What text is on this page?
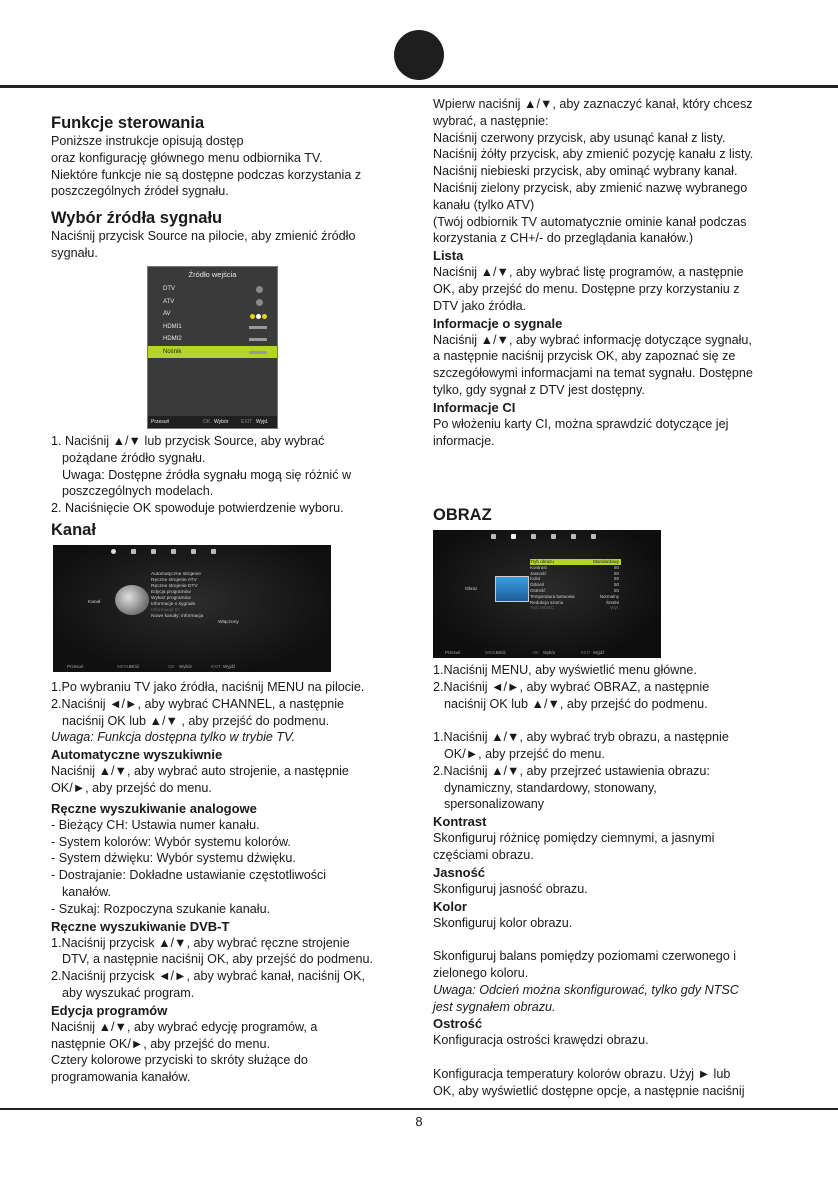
Funkcje sterowania

Poniższe instrukcje opisują dostęp

oraz konfigurację głównego menu odbiornika TV.

Niektóre funkcje nie są dostępne podczas korzystania z

poszczególnych źródeł sygnału.

Wybór źródła sygnału

Naciśnij przycisk Source na pilocie, aby zmienić źródło

sygnału.

1. Naciśnij ▲/▼ lub przycisk Source, aby wybrać

pożądane źródło sygnału.

Uwaga: Dostępne źródła sygnału mogą się różnić w

poszczególnych modelach.

2. Naciśnięcie OK spowoduje potwierdzenie wyboru.

Kanał

1.Po wybraniu TV jako źródła, naciśnij MENU na pilocie.

2.Naciśnij ◄/►, aby wybrać CHANNEL, a następnie

naciśnij OK lub ▲/▼ , aby przejść do podmenu.

Uwaga: Funkcja dostępna tylko w trybie TV.

Automatyczne wyszukiwnie

Naciśnij ▲/▼, aby wybrać auto strojenie, a następnie

OK/►, aby przejść do menu.

Ręczne wyszukiwanie analogowe

- Bieżący CH: Ustawia numer kanału.

- System kolorów: Wybór systemu kolorów.

- System dźwięku: Wybór systemu dźwięku.

- Dostrajanie: Dokładne ustawianie częstotliwości

kanałów.

- Szukaj: Rozpoczyna szukanie kanału.

Ręczne wyszukiwanie DVB-T

1.Naciśnij przycisk ▲/▼, aby wybrać ręczne strojenie

DTV, a następnie naciśnij OK, aby przejść do podmenu.

2.Naciśnij przycisk ◄/►, aby wybrać kanał, naciśnij OK,

aby wyszukać program.

Edycja programów

Naciśnij ▲/▼, aby wybrać edycję programów, a

następnie OK/►, aby przejść do menu.

Cztery kolorowe przyciski to skróty służące do

programowania kanałów.

Źródło wejścia
DTV
ATV
AV
HDMI1
HDMI2
Nośnik
Przesuń	OK Wybór	EXIT Wyjd.
Kanał
Automatyczne strojenie
Ręczne strojenie ATV
Ręczne strojenie DTV
Edycja programów
Wykaz programów
Informacje o sygnale
Informacje CI
Nowe kanały: informacja
Włączony
Przesuń	MENU
Wróć	OK Wybór	EXIT Wyjdź

Wpierw naciśnij ▲/▼, aby zaznaczyć kanał, który chcesz

wybrać, a następnie:

Naciśnij czerwony przycisk, aby usunąć kanał z listy.

Naciśnij żółty przycisk, aby zmienić pozycję kanału z listy.

Naciśnij niebieski przycisk, aby ominąć wybrany kanał.

Naciśnij zielony przycisk, aby zmienić nazwę wybranego

kanału (tylko ATV)

(Twój odbiornik TV automatycznie ominie kanał podczas

korzystania z CH+/- do przeglądania kanałów.)

Lista

Naciśnij ▲/▼, aby wybrać listę programów, a następnie

OK, aby przejść do menu. Dostępne przy korzystaniu z

DTV jako źródła.

Informacje o sygnale

Naciśnij ▲/▼, aby wybrać informację dotyczące sygnału,

a następnie naciśnij przycisk OK, aby zapoznać się ze

szczegółowymi informacjami na temat sygnału. Dostępne

tylko, gdy sygnał z DTV jest dostępny.

Informacje CI

Po włożeniu karty CI, można sprawdzić dotyczące jej

informacje.

OBRAZ

1.Naciśnij MENU, aby wyświetlić menu główne.

2.Naciśnij ◄/►, aby wybrać OBRAZ, a następnie

naciśnij OK lub ▲/▼, aby przejść do podmenu.

1.Naciśnij ▲/▼, aby wybrać tryb obrazu, a następnie

OK/►, aby przejść do menu.

2.Naciśnij ▲/▼, aby przejrzeć ustawienia obrazu:

dynamiczny, standardowy, stonowany,

spersonalizowany

Kontrast

Skonfiguruj różnicę pomiędzy ciemnymi, a jasnymi

częściami obrazu.

Jasność

Skonfiguruj jasność obrazu.

Kolor

Skonfiguruj kolor obrazu.

Skonfiguruj balans pomiędzy poziomami czerwonego i

zielonego koloru.

Uwaga: Odcień można skonfigurować, tylko gdy NTSC

jest sygnałem obrazu.

Ostrość

Konfiguracja ostrości krawędzi obrazu.

Konfiguracja temperatury kolorów obrazu. Użyj ► lub

OK, aby wyświetlić dostępne opcje, a następnie naciśnij

Obraz
Tryb obrazu	Standardowy
Kontrast	50
Jasność	50
Kolor	50
Odcień	50
Ostrość	50
Temperatura barwowa	Normalny
Redukcja szumu	Średni
Tryb MEMC	Wył.
Przesuń	MENU
Wróć	OK Wybór	EXIT Wyjdź
8
